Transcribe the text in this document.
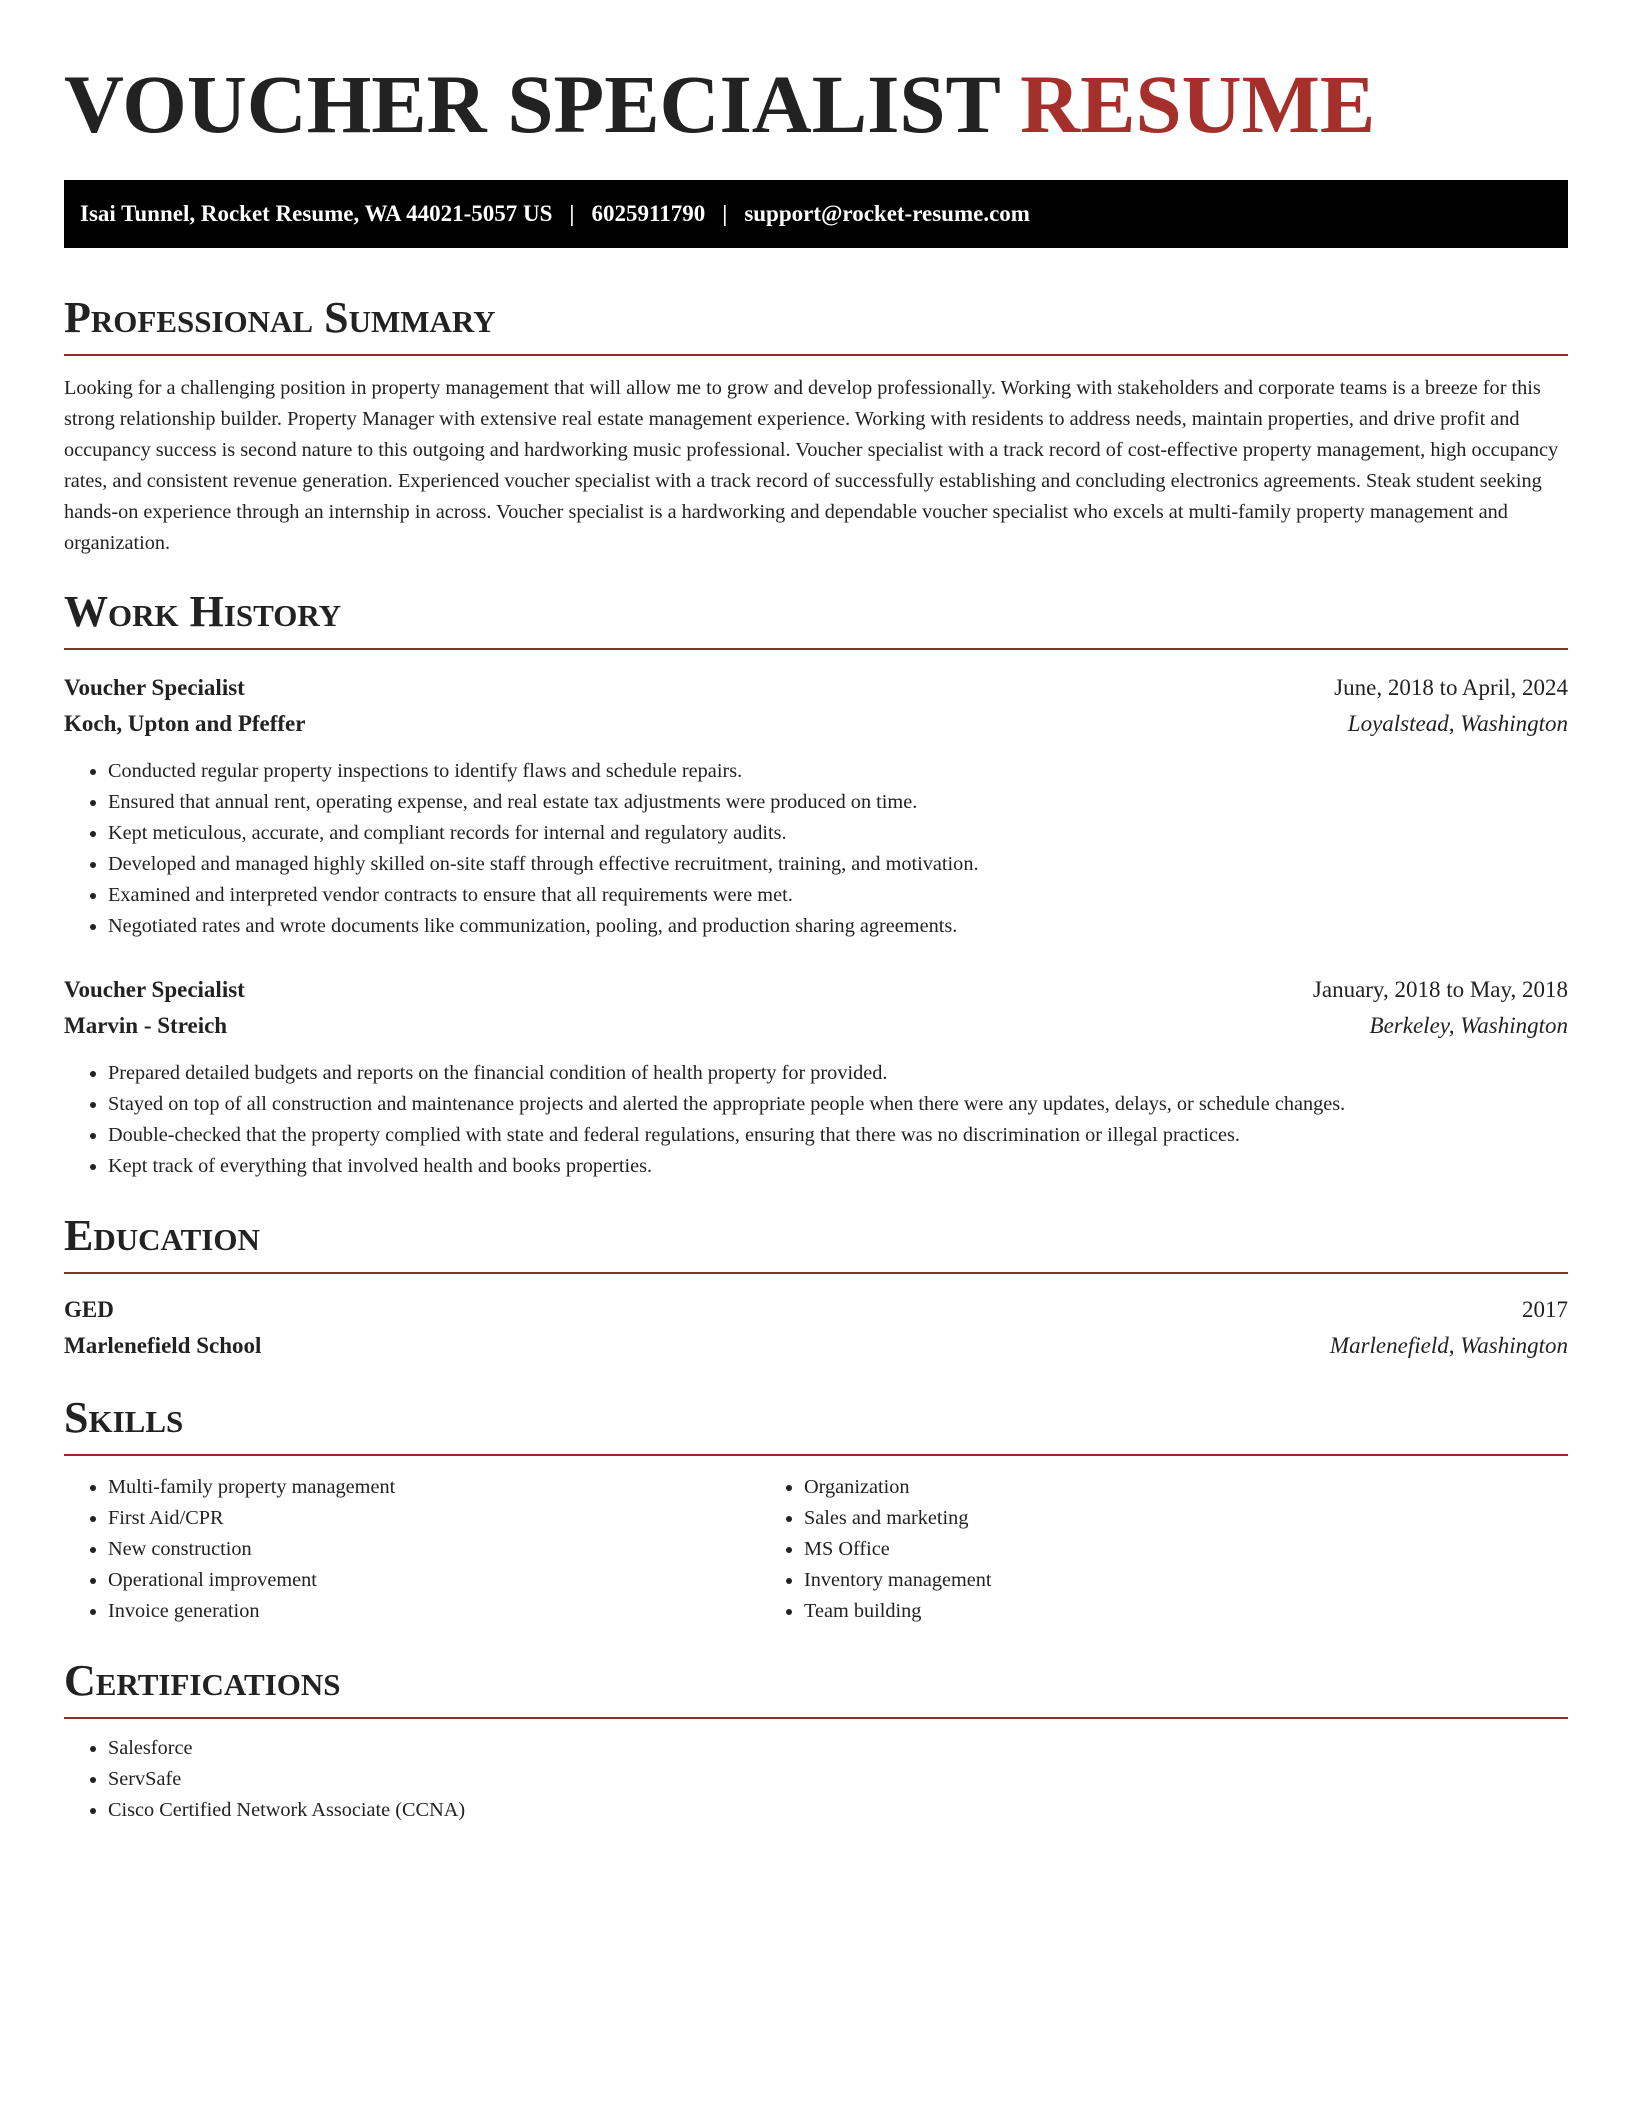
VOUCHER SPECIALIST RESUME
Isai Tunnel, Rocket Resume, WA 44021-5057 US | 6025911790 | support@rocket-resume.com
Professional Summary

Looking for a challenging position in property management that will allow me to grow and develop professionally. Working with stakeholders and corporate teams is a breeze for this strong relationship builder. Property Manager with extensive real estate management experience. Working with residents to address needs, maintain properties, and drive profit and occupancy success is second nature to this outgoing and hardworking music professional. Voucher specialist with a track record of cost-effective property management, high occupancy rates, and consistent revenue generation. Experienced voucher specialist with a track record of successfully establishing and concluding electronics agreements. Steak student seeking hands-on experience through an internship in across. Voucher specialist is a hardworking and dependable voucher specialist who excels at multi-family property management and organization.

Work History
Voucher Specialist	June, 2018 to April, 2024
Koch, Upton and Pfeffer	Loyalstead, Washington
• Conducted regular property inspections to identify flaws and schedule repairs.
• Ensured that annual rent, operating expense, and real estate tax adjustments were produced on time.
• Kept meticulous, accurate, and compliant records for internal and regulatory audits.
• Developed and managed highly skilled on-site staff through effective recruitment, training, and motivation.
• Examined and interpreted vendor contracts to ensure that all requirements were met.
• Negotiated rates and wrote documents like communization, pooling, and production sharing agreements.
Voucher Specialist	January, 2018 to May, 2018
Marvin - Streich	Berkeley, Washington
• Prepared detailed budgets and reports on the financial condition of health property for provided.
• Stayed on top of all construction and maintenance projects and alerted the appropriate people when there were any updates, delays, or schedule changes.
• Double-checked that the property complied with state and federal regulations, ensuring that there was no discrimination or illegal practices.
• Kept track of everything that involved health and books properties.
Education
GED	2017
Marlenefield School	Marlenefield, Washington
Skills
• Multi-family property management
• First Aid/CPR
• New construction
• Operational improvement
• Invoice generation
• Organization
• Sales and marketing
• MS Office
• Inventory management
• Team building
Certifications
• Salesforce
• ServSafe
• Cisco Certified Network Associate (CCNA)
